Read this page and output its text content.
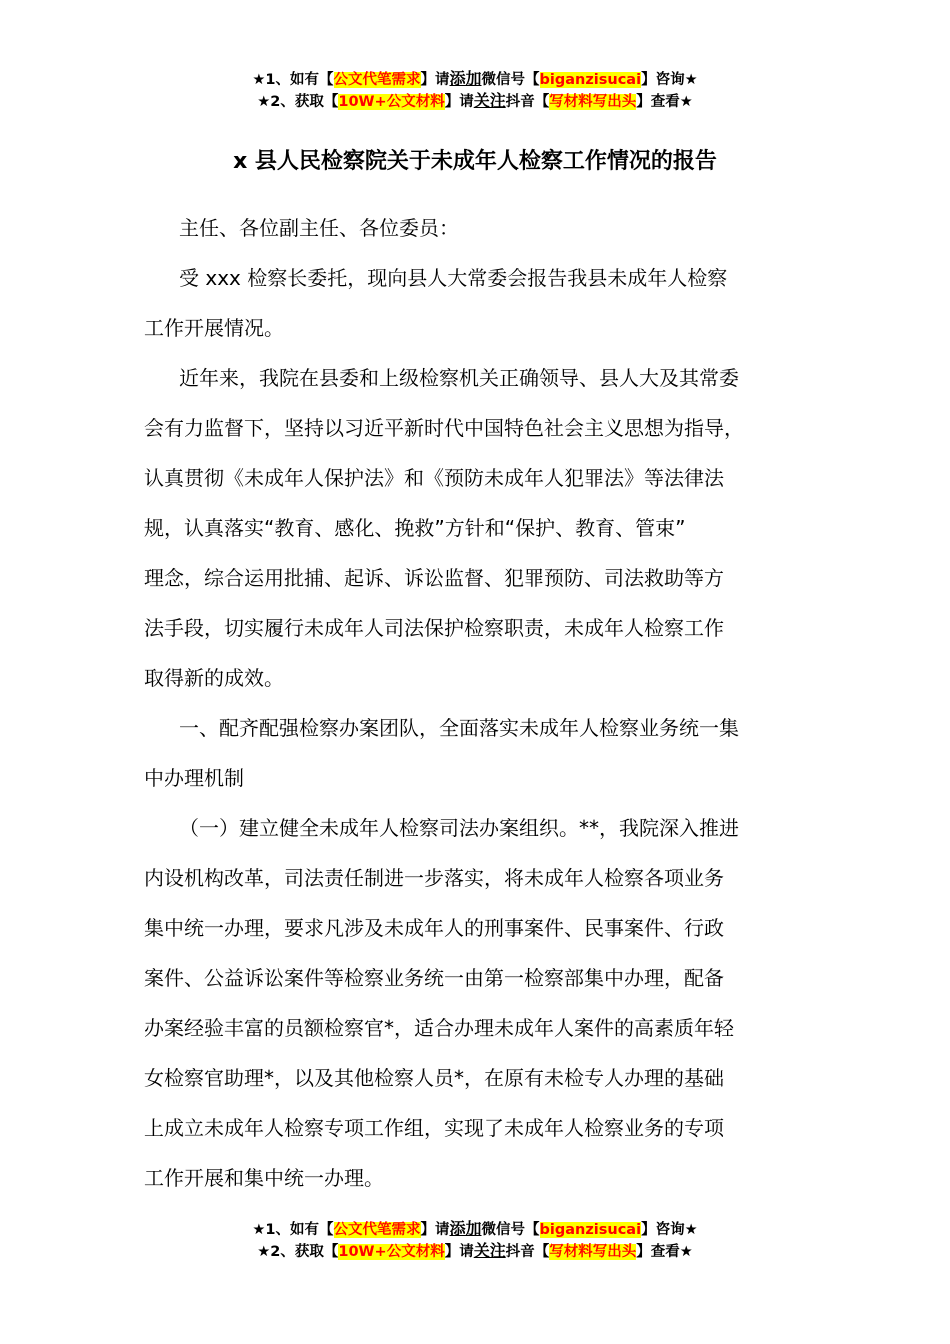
★1、如有【公文代笔需求】请添加微信号【biganzisucai】咨询★
★2、获取【10W+公文材料】请关注抖音【写材料写出头】查看★
x 县人民检察院关于未成年人检察工作情况的报告
主任、各位副主任、各位委员：
受 xxx 检察长委托，现向县人大常委会报告我县未成年人检察
工作开展情况。
近年来，我院在县委和上级检察机关正确领导、县人大及其常委
会有力监督下，坚持以习近平新时代中国特色社会主义思想为指导，
认真贯彻《未成年人保护法》和《预防未成年人犯罪法》等法律法
规，认真落实“教育、感化、挽救”方针和“保护、教育、管束”
理念，综合运用批捕、起诉、诉讼监督、犯罪预防、司法救助等方
法手段，切实履行未成年人司法保护检察职责，未成年人检察工作
取得新的成效。
一、配齐配强检察办案团队，全面落实未成年人检察业务统一集
中办理机制
（一）建立健全未成年人检察司法办案组织。**，我院深入推进
内设机构改革，司法责任制进一步落实，将未成年人检察各项业务
集中统一办理，要求凡涉及未成年人的刑事案件、民事案件、行政
案件、公益诉讼案件等检察业务统一由第一检察部集中办理，配备
办案经验丰富的员额检察官*，适合办理未成年人案件的高素质年轻
女检察官助理*，以及其他检察人员*，在原有未检专人办理的基础
上成立未成年人检察专项工作组，实现了未成年人检察业务的专项
工作开展和集中统一办理。
★1、如有【公文代笔需求】请添加微信号【biganzisucai】咨询★
★2、获取【10W+公文材料】请关注抖音【写材料写出头】查看★
